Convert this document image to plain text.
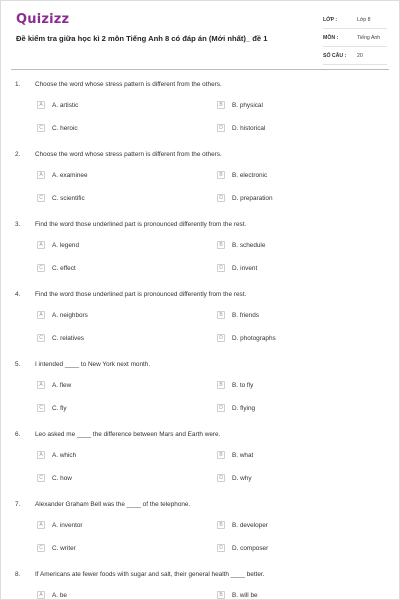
Quizizz
Đề kiểm tra giữa học kì 2 môn Tiếng Anh 8 có đáp án (Mới nhất)_ đề 1
LỚP :	Lớp 8
MÔN :	Tiếng Anh
SỐ CÂU : 20
1. Choose the word whose stress pattern is different from the others.
A	A. artistic	B	B. physical
C	C. heroic	D	D. historical
2. Choose the word whose stress pattern is different from the others.
A	A. examinee	B	B. electronic
C	C. scientific	D	D. preparation
3. Find the word those underlined part is pronounced differently from the rest.
A	A. legend	B	B. schedule
C	C. effect	D	D. invent
4. Find the word those underlined part is pronounced differently from the rest.
A	A. neighbors	B	B. friends
C	C. relatives	D	D. photographs
5. I intended ____ to New York next month.
A	A. flew	B	B. to fly
C	C. fly	D	D. flying
6. Leo asked me ____ the difference between Mars and Earth were.
A	A. which	B	B. what
C	C. how	D	D. why
7. Alexander Graham Bell was the ____ of the telephone.
A	A. inventor	B	B. developer
C	C. writer	D	D. composer
8. If Americans ate fewer foods with sugar and salt, their general health ____ better.
A	A. be	B	B. will be
